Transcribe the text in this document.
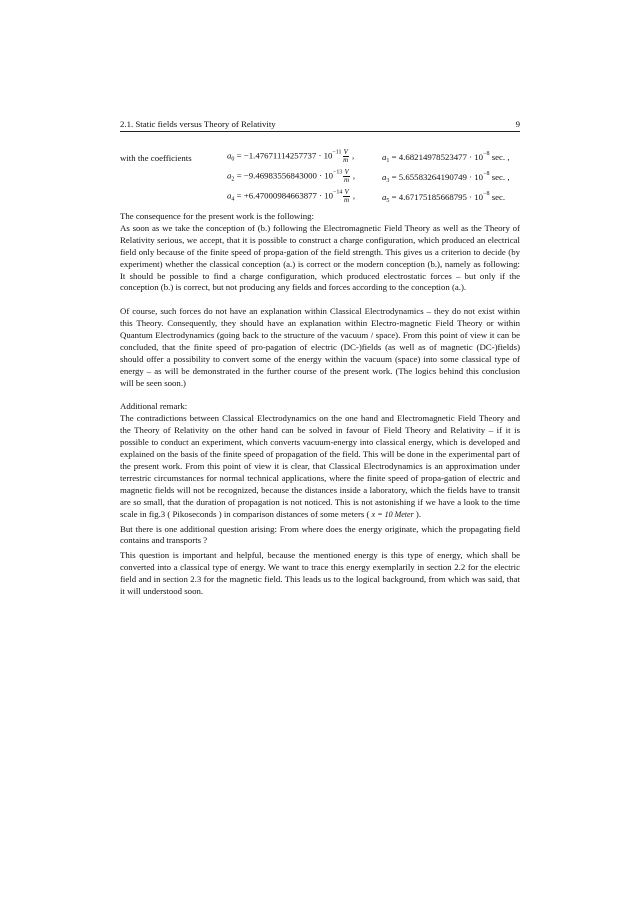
2.1. Static fields versus Theory of Relativity	9
with the coefficients	$a_0 = -1.47671114257737 \cdot 10^{-11} \frac{V}{m}$ ,	$a_1 = 4.68214978523477 \cdot 10^{-8}$ sec. ,
$a_2 = -9.46983556843000 \cdot 10^{-13} \frac{V}{m}$ ,	$a_3 = 5.65583264190749 \cdot 10^{-8}$ sec. ,
$a_4 = +6.47000984663877 \cdot 10^{-14} \frac{V}{m}$ ,	$a_5 = 4.67175185668795 \cdot 10^{-8}$ sec.

The consequence for the present work is the following:

As soon as we take the conception of (b.) following the Electromagnetic Field Theory as well as the Theory of Relativity serious, we accept, that it is possible to construct a charge configuration, which produced an electrical field only because of the finite speed of propa-gation of the field strength. This gives us a criterion to decide (by experiment) whether the classical conception (a.) is correct or the modern conception (b.), namely as following: It should be possible to find a charge configuration, which produced electrostatic forces – but only if the conception (b.) is correct, but not producing any fields and forces according to the conception (a.).

Of course, such forces do not have an explanation within Classical Electrodynamics – they do not exist within this Theory. Consequently, they should have an explanation within Electro-magnetic Field Theory or within Quantum Electrodynamics (going back to the structure of the vacuum / space). From this point of view it can be concluded, that the finite speed of pro-pagation of electric (DC-)fields (as well as of magnetic (DC-)fields) should offer a possibility to convert some of the energy within the vacuum (space) into some classical type of energy – as will be demonstrated in the further course of the present work. (The logics behind this conclusion will be seen soon.)

Additional remark:

The contradictions between Classical Electrodynamics on the one hand and Electromagnetic Field Theory and the Theory of Relativity on the other hand can be solved in favour of Field Theory and Relativity – if it is possible to conduct an experiment, which converts vacuum-energy into classical energy, which is developed and explained on the basis of the finite speed of propagation of the field. This will be done in the experimental part of the present work. From this point of view it is clear, that Classical Electrodynamics is an approximation under terrestric circumstances for normal technical applications, where the finite speed of propa-gation of electric and magnetic fields will not be recognized, because the distances inside a laboratory, which the fields have to transit are so small, that the duration of propagation is not noticed. This is not astonishing if we have a look to the time scale in fig.3 ( Pikoseconds ) in comparison distances of some meters ( x = 10 Meter ).

But there is one additional question arising: From where does the energy originate, which the propagating field contains and transports ?

This question is important and helpful, because the mentioned energy is this type of energy, which shall be converted into a classical type of energy. We want to trace this energy exemplarily in section 2.2 for the electric field and in section 2.3 for the magnetic field. This leads us to the logical background, from which was said, that it will understood soon.
